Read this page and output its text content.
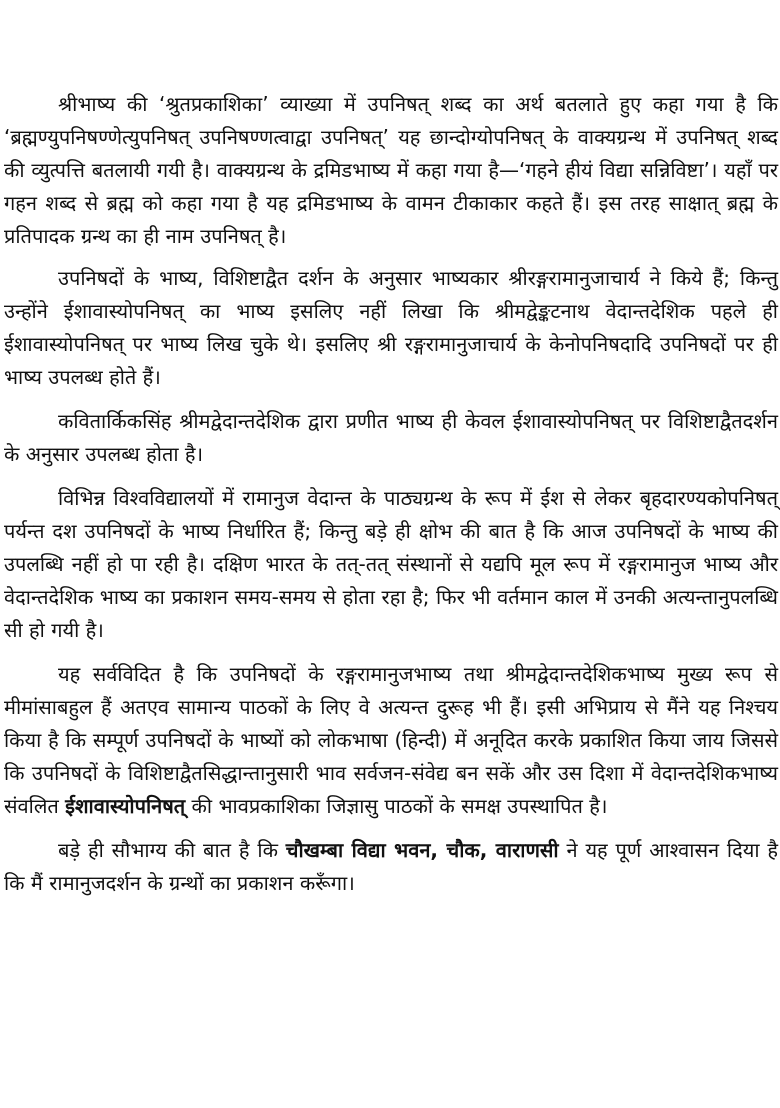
श्रीभाष्य की ‘श्रुतप्रकाशिका’ व्याख्या में उपनिषत् शब्द का अर्थ बतलाते हुए कहा गया है कि ‘ब्रह्मण्युपनिषण्णेत्युपनिषत् उपनिषण्णत्वाद्वा उपनिषत्’ यह छान्दोग्योपनिषत् के वाक्यग्रन्थ में उपनिषत् शब्द की व्युत्पत्ति बतलायी गयी है। वाक्यग्रन्थ के द्रमिडभाष्य में कहा गया है—‘गहने हीयं विद्या सन्निविष्टा’। यहाँ पर गहन शब्द से ब्रह्म को कहा गया है यह द्रमिडभाष्य के वामन टीकाकार कहते हैं। इस तरह साक्षात् ब्रह्म के प्रतिपादक ग्रन्थ का ही नाम उपनिषत् है।

उपनिषदों के भाष्य, विशिष्टाद्वैत दर्शन के अनुसार भाष्यकार श्रीरङ्गरामानुजाचार्य ने किये हैं; किन्तु उन्होंने ईशावास्योपनिषत् का भाष्य इसलिए नहीं लिखा कि श्रीमद्वेङ्कटनाथ वेदान्तदेशिक पहले ही ईशावास्योपनिषत् पर भाष्य लिख चुके थे। इसलिए श्री रङ्गरामानुजाचार्य के केनोपनिषदादि उपनिषदों पर ही भाष्य उपलब्ध होते हैं।

कवितार्किकसिंह श्रीमद्वेदान्तदेशिक द्वारा प्रणीत भाष्य ही केवल ईशावास्योपनिषत् पर विशिष्टाद्वैतदर्शन के अनुसार उपलब्ध होता है।

विभिन्न विश्वविद्यालयों में रामानुज वेदान्त के पाठ्यग्रन्थ के रूप में ईश से लेकर बृहदारण्यकोपनिषत् पर्यन्त दश उपनिषदों के भाष्य निर्धारित हैं; किन्तु बड़े ही क्षोभ की बात है कि आज उपनिषदों के भाष्य की उपलब्धि नहीं हो पा रही है। दक्षिण भारत के तत्-तत् संस्थानों से यद्यपि मूल रूप में रङ्गरामानुज भाष्य और वेदान्तदेशिक भाष्य का प्रकाशन समय-समय से होता रहा है; फिर भी वर्तमान काल में उनकी अत्यन्तानुपलब्धि सी हो गयी है।

यह सर्वविदित है कि उपनिषदों के रङ्गरामानुजभाष्य तथा श्रीमद्वेदान्तदेशिकभाष्य मुख्य रूप से मीमांसाबहुल हैं अतएव सामान्य पाठकों के लिए वे अत्यन्त दुरूह भी हैं। इसी अभिप्राय से मैंने यह निश्चय किया है कि सम्पूर्ण उपनिषदों के भाष्यों को लोकभाषा (हिन्दी) में अनूदित करके प्रकाशित किया जाय जिससे कि उपनिषदों के विशिष्टाद्वैतसिद्धान्तानुसारी भाव सर्वजन-संवेद्य बन सकें और उस दिशा में वेदान्तदेशिकभाष्य संवलित ईशावास्योपनिषत् की भावप्रकाशिका जिज्ञासु पाठकों के समक्ष उपस्थापित है।

बड़े ही सौभाग्य की बात है कि चौखम्बा विद्या भवन, चौक, वाराणसी ने यह पूर्ण आश्वासन दिया है कि मैं रामानुजदर्शन के ग्रन्थों का प्रकाशन करूँगा।
